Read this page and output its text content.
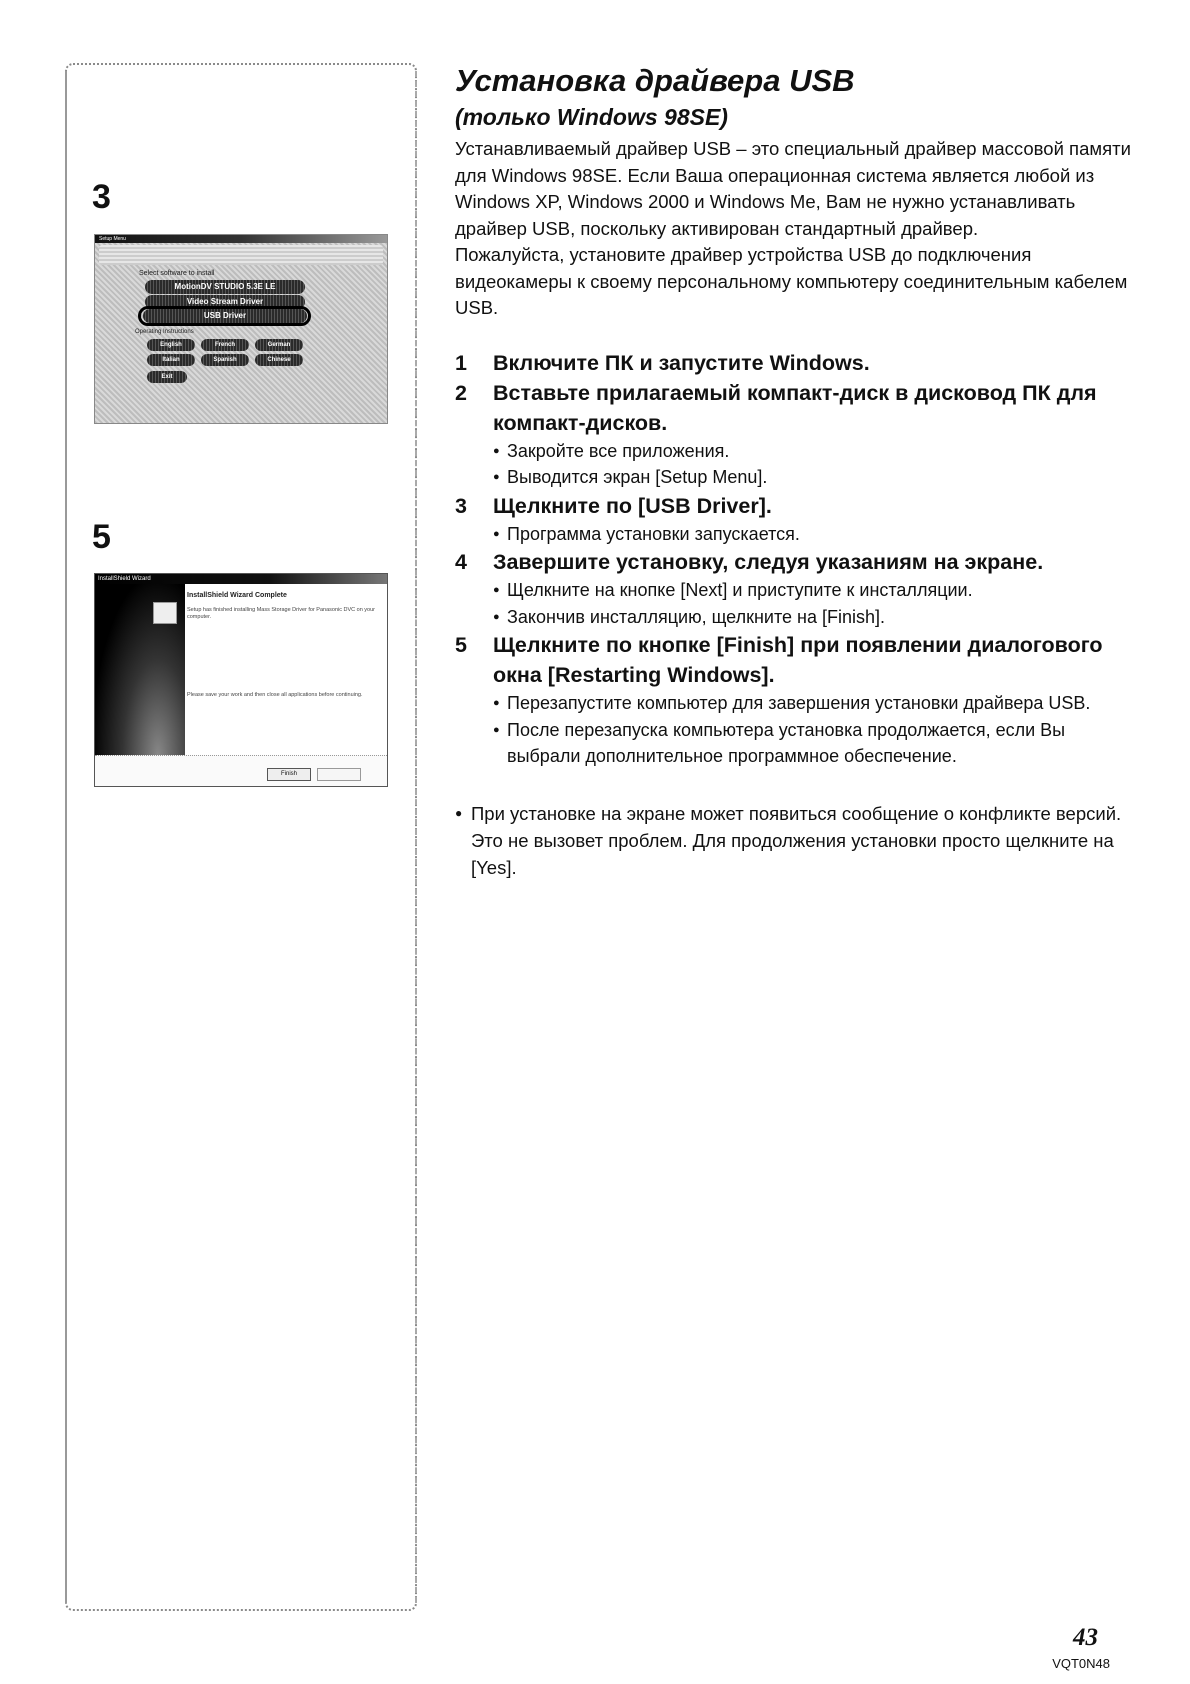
3
$^{Setup Menu}$
Select software to install
MotionDV STUDIO 5.3E LE
Video Stream Driver
USB Driver
Operating Instructions
English	French	German
Italian	Spanish	Chinese
Exit
5
InstallShield Wizard
InstallShield Wizard Complete
Setup has finished installing Mass Storage Driver for Panasonic DVC on your computer.
Please save your work and then close all applications before continuing.
Finish
Установка драйвера USB
(только Windows 98SE)

Устанавливаемый драйвер USB – это специальный драйвер массовой памяти для Windows 98SE. Если Ваша операционная система является любой из Windows XP, Windows 2000 и Windows Me, Вам не нужно устанавливать драйвер USB, поскольку активирован стандартный драйвер.

Пожалуйста, установите драйвер устройства USB до подключения видеокамеры к своему персональному компьютеру соединительным кабелем USB.

1	Включите ПК и запустите Windows.
2	Вставьте прилагаемый компакт-диск в дисковод ПК для компакт-дисков.
● Закройте все приложения.
● Выводится экран [Setup Menu].
3	Щелкните по [USB Driver].
● Программа установки запускается.
4	Завершите установку, следуя указаниям на экране.
● Щелкните на кнопке [Next] и приступите к инсталляции.
● Закончив инсталляцию, щелкните на [Finish].
5	Щелкните по кнопке [Finish] при появлении диалогового окна [Restarting Windows].
● Перезапустите компьютер для завершения установки драйвера USB.
● После перезапуска компьютера установка продолжается, если Вы выбрали дополнительное программное обеспечение.
● При установке на экране может появиться сообщение о конфликте версий. Это не вызовет проблем. Для продолжения установки просто щелкните на [Yes].
43
VQT0N48
